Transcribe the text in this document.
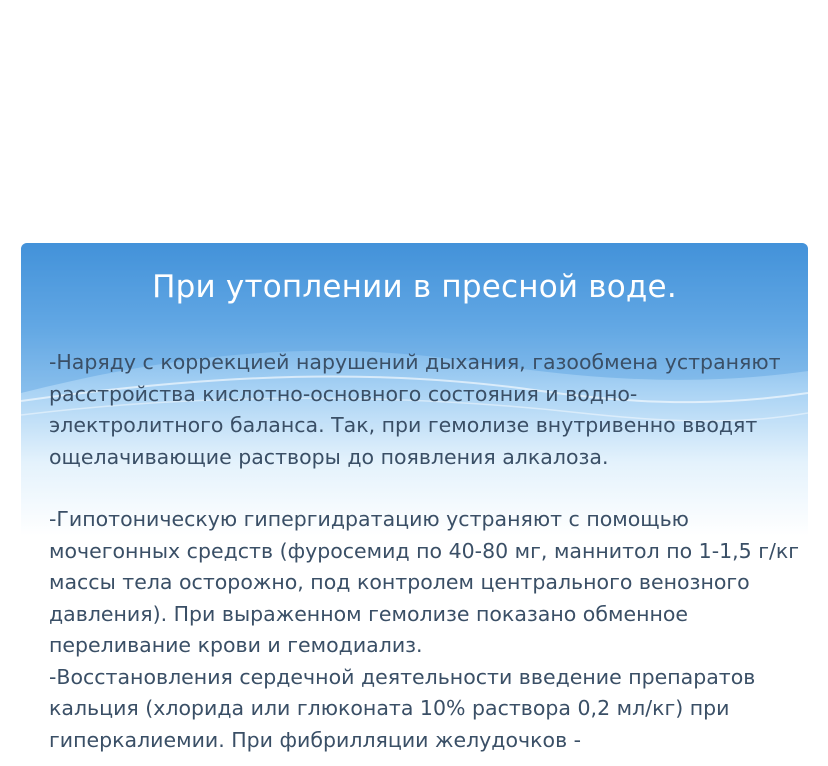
При утоплении в пресной воде.

-Наряду с коррекцией нарушений дыхания, газообмена устраняют расстройства кислотно-основного состояния и водно-электролитного баланса. Так, при гемолизе внутривенно вводят ощелачивающие растворы до появления алкалоза.

-Гипотоническую гипергидратацию устраняют с помощью мочегонных средств (фуросемид по 40-80 мг, маннитол по 1-1,5 г/кг массы тела осторожно, под контролем центрального венозного давления). При выраженном гемолизе показано обменное переливание крови и гемодиализ.

-Восстановления сердечной деятельности введение препаратов кальция (хлорида или глюконата 10% раствора 0,2 мл/кг) при гиперкалиемии. При фибрилляции желудочков -
